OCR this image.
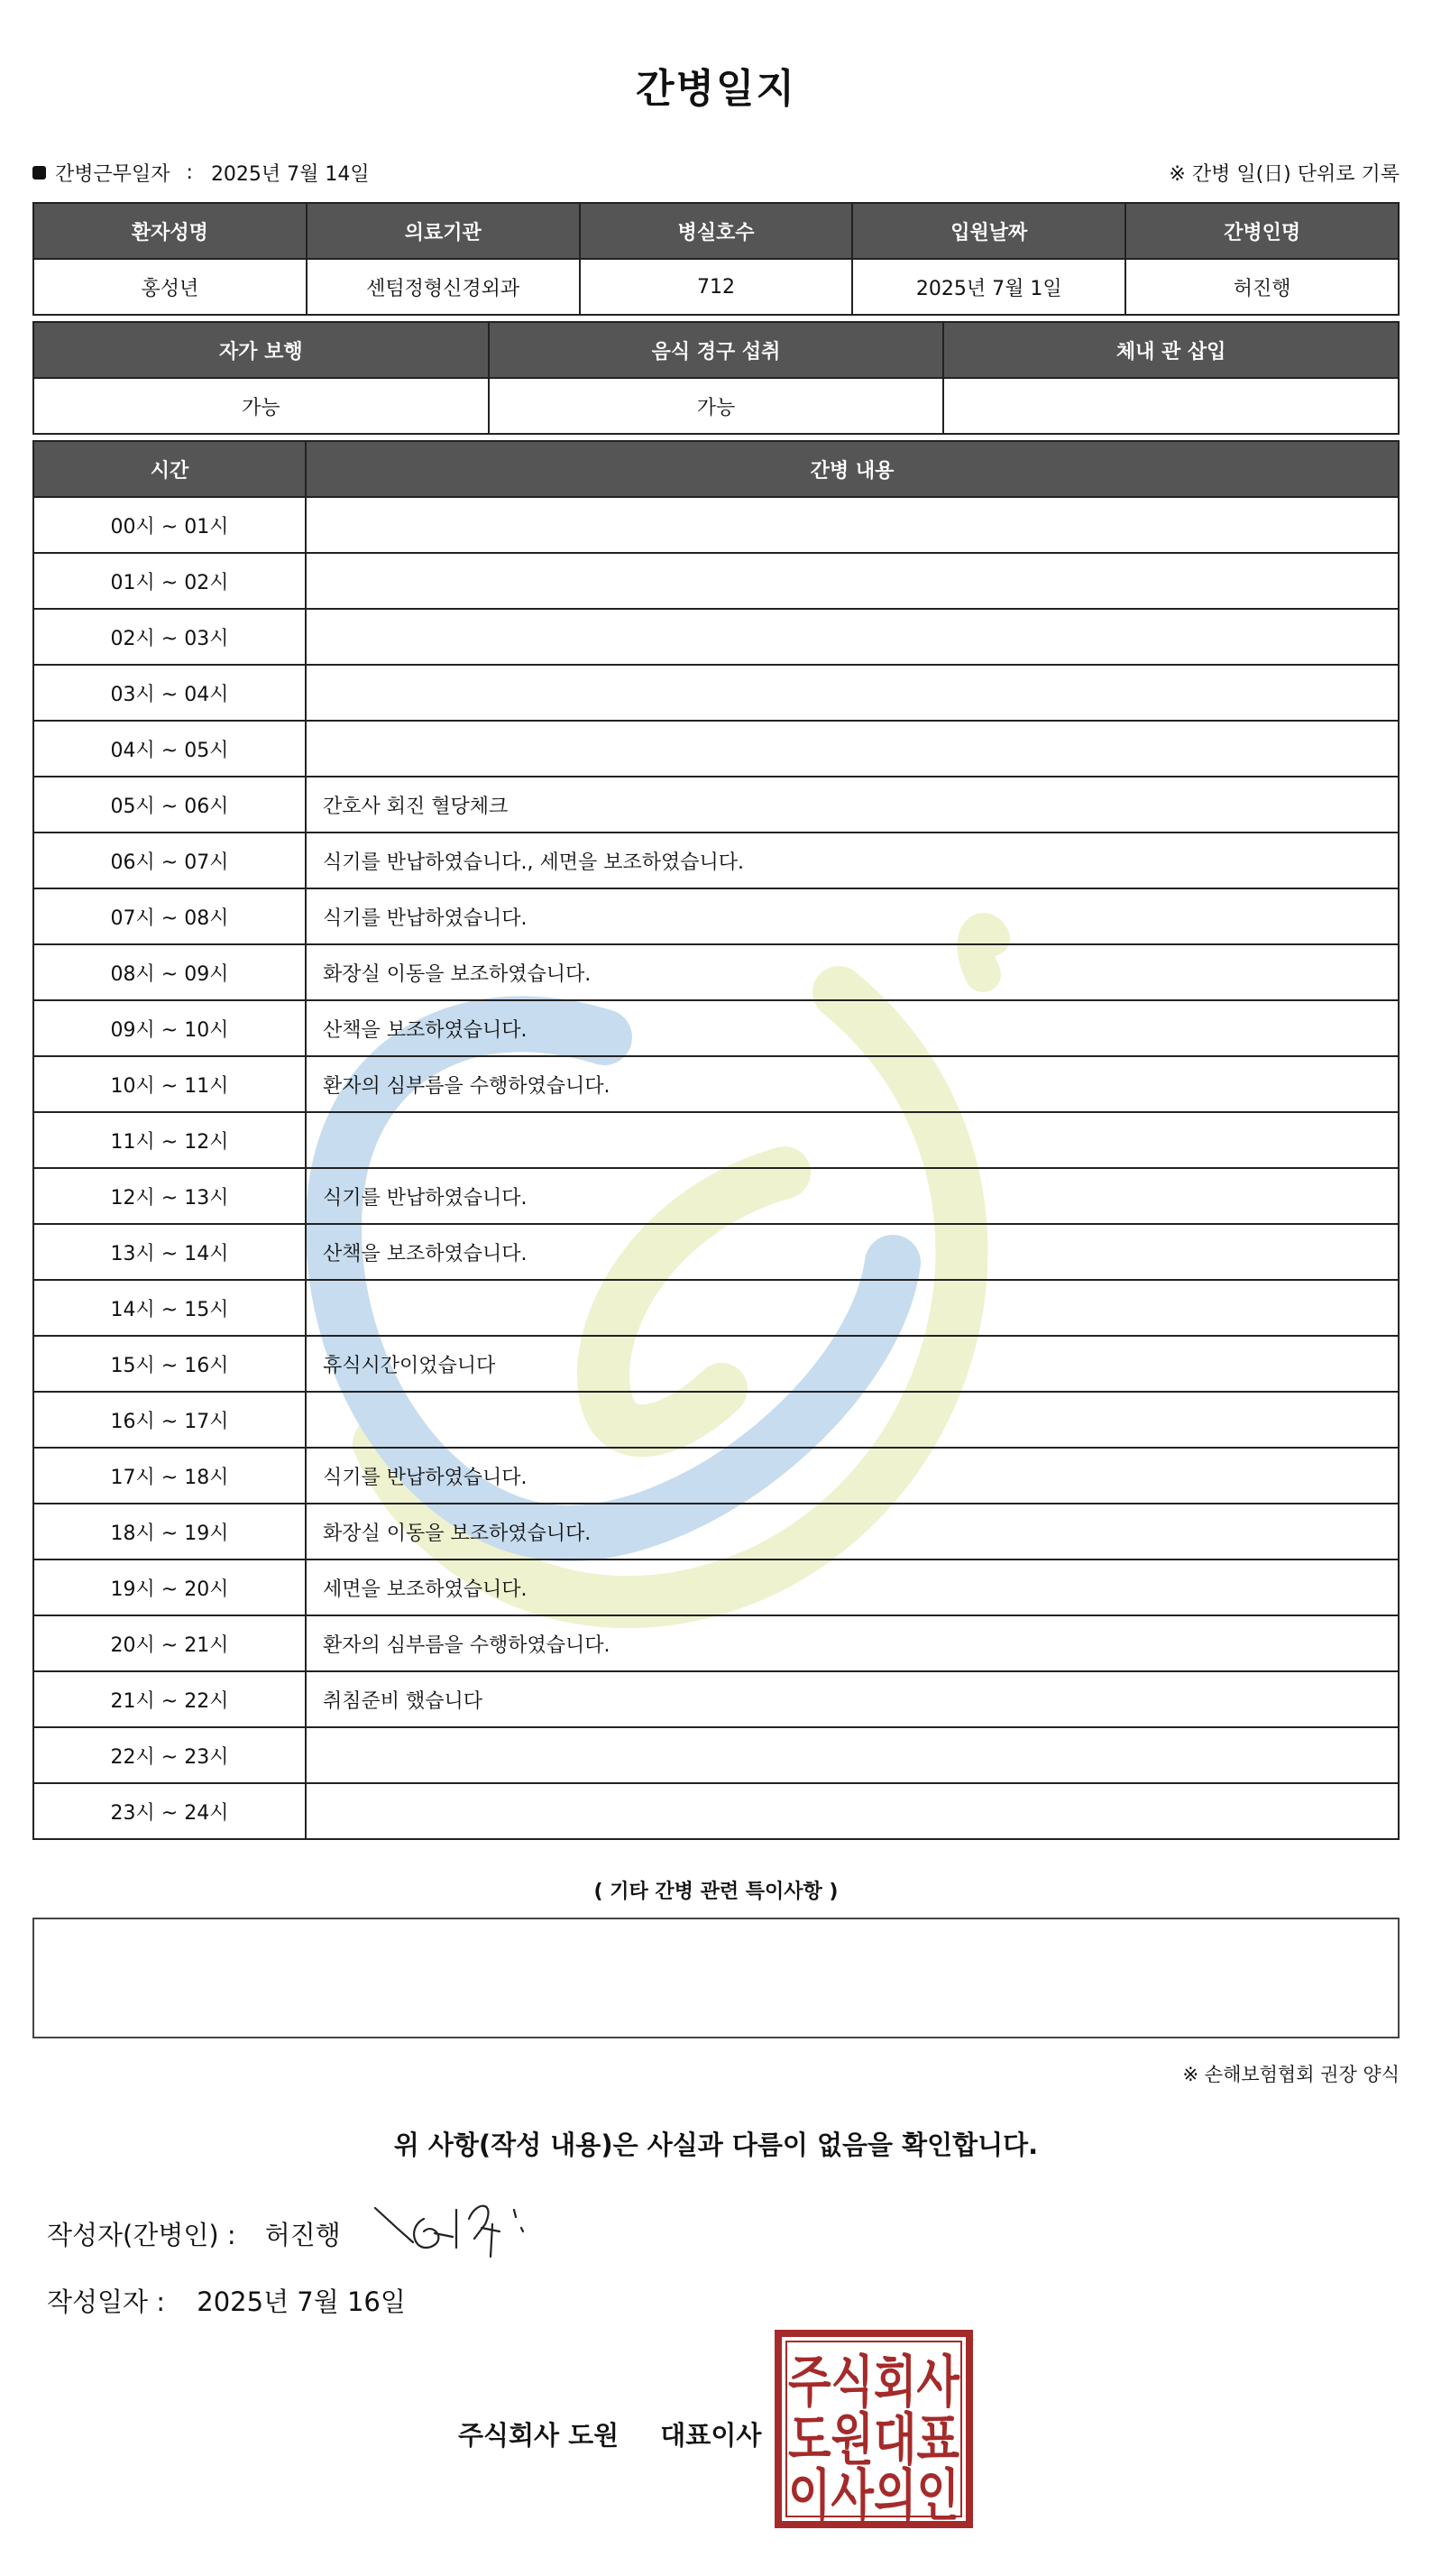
간병일지
간병근무일자 : 2025년 7월 14일	※ 간병 일(日) 단위로 기록
환자성명	의료기관	병실호수	입원날짜	간병인명
홍성년	센텀정형신경외과	712	2025년 7월 1일	허진행
자가 보행	음식 경구 섭취	체내 관 삽입
가능	가능	
시간	간병 내용
00시 ~ 01시	
01시 ~ 02시	
02시 ~ 03시	
03시 ~ 04시	
04시 ~ 05시	
05시 ~ 06시	간호사 회진 혈당체크
06시 ~ 07시	식기를 반납하였습니다., 세면을 보조하였습니다.
07시 ~ 08시	식기를 반납하였습니다.
08시 ~ 09시	화장실 이동을 보조하였습니다.
09시 ~ 10시	산책을 보조하였습니다.
10시 ~ 11시	환자의 심부름을 수행하였습니다.
11시 ~ 12시	
12시 ~ 13시	식기를 반납하였습니다.
13시 ~ 14시	산책을 보조하였습니다.
14시 ~ 15시	
15시 ~ 16시	휴식시간이었습니다
16시 ~ 17시	
17시 ~ 18시	식기를 반납하였습니다.
18시 ~ 19시	화장실 이동을 보조하였습니다.
19시 ~ 20시	세면을 보조하였습니다.
20시 ~ 21시	환자의 심부름을 수행하였습니다.
21시 ~ 22시	취침준비 했습니다
22시 ~ 23시	
23시 ~ 24시	
( 기타 간병 관련 특이사항 )
※ 손해보험협회 권장 양식
위 사항(작성 내용)은 사실과 다름이 없음을 확인합니다.
작성자(간병인) : 허진행
작성일자 : 2025년 7월 16일
주식회사 도원 대표이사
주식회사
도원대표
이사의인
